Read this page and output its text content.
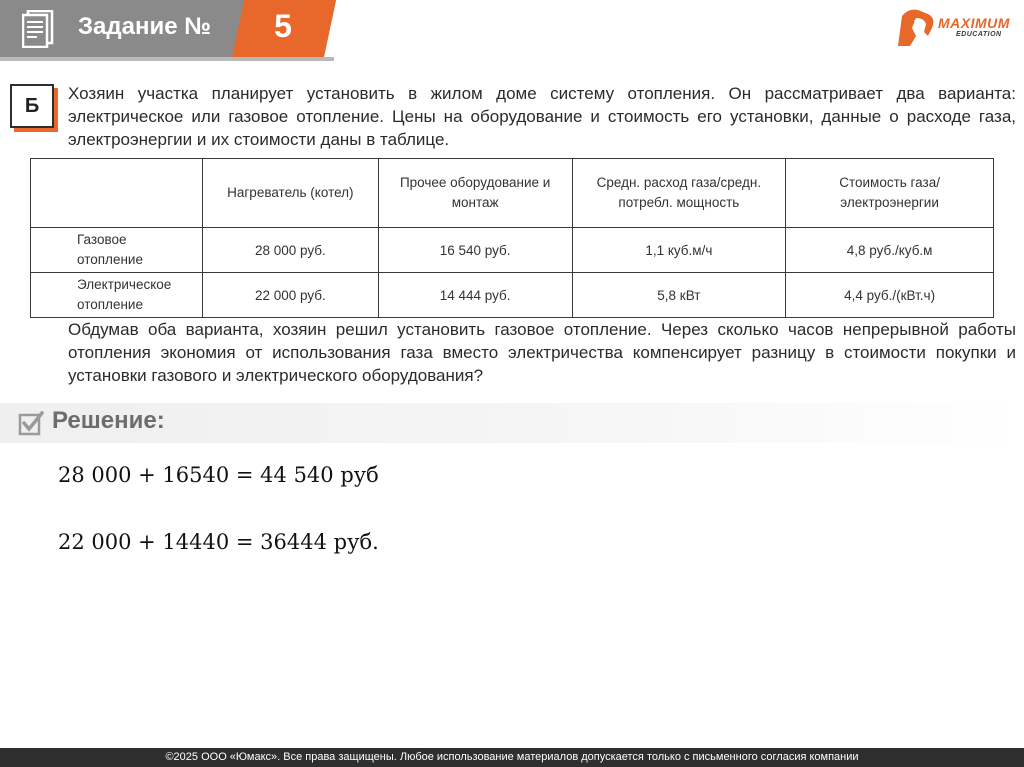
Задание № 5	MAXIMUM
EDUCATION
Б
Хозяин участка планирует установить в жилом доме систему отопления. Он рассматривает два варианта: электрическое или газовое отопление. Цены на оборудование и стоимость его установки, данные о расходе газа, электроэнергии и их стоимости даны в таблице.
	Нагреватель (котел)	Прочее оборудование и монтаж	Средн. расход газа/средн. потребл. мощность	Стоимость газа/электроэнергии
Газовое отопление	28 000 руб.	16 540 руб.	1,1 куб.м/ч	4,8 руб./куб.м
Электрическое отопление	22 000 руб.	14 444 руб.	5,8 кВт	4,4 руб./(кВт.ч)
Обдумав оба варианта, хозяин решил установить газовое отопление. Через сколько часов непрерывной работы отопления экономия от использования газа вместо электричества компенсирует разницу в стоимости покупки и установки газового и электрического оборудования?
Решение:
28 000 + 16540 = 44 540 руб
22 000 + 14440 = 36444 руб.
©2025 ООО «Юмакс». Все права защищены. Любое использование материалов допускается только с письменного согласия компании
